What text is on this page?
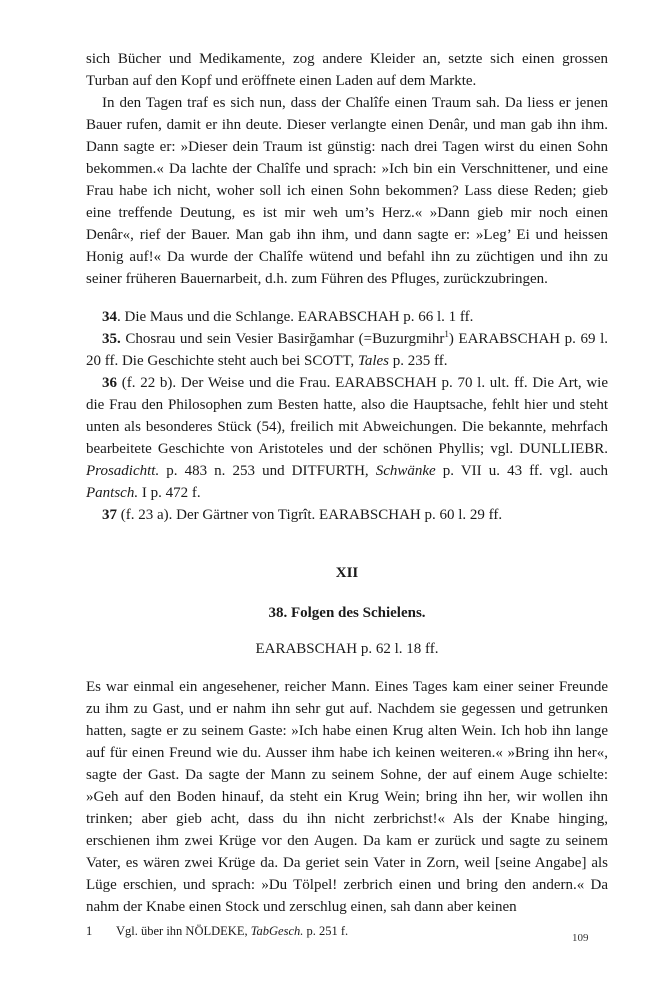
sich Bücher und Medikamente, zog andere Kleider an, setzte sich einen grossen Turban auf den Kopf und eröffnete einen Laden auf dem Markte.

In den Tagen traf es sich nun, dass der Chalîfe einen Traum sah. Da liess er jenen Bauer rufen, damit er ihn deute. Dieser verlangte einen Denâr, und man gab ihn ihm. Dann sagte er: »Dieser dein Traum ist günstig: nach drei Tagen wirst du einen Sohn bekommen.« Da lachte der Chalîfe und sprach: »Ich bin ein Verschnittener, und eine Frau habe ich nicht, woher soll ich einen Sohn bekommen? Lass diese Reden; gieb eine treffende Deutung, es ist mir weh um’s Herz.« »Dann gieb mir noch einen Denâr«, rief der Bauer. Man gab ihn ihm, und dann sagte er: »Leg’ Ei und heissen Honig auf!« Da wurde der Chalîfe wütend und befahl ihn zu züchtigen und ihn zu seiner früheren Bauernarbeit, d.h. zum Führen des Pfluges, zurückzubringen.

34. Die Maus und die Schlange. EARABSCHAH p. 66 l. 1 ff.

35. Chosrau und sein Vesier Basirğamhar (=Buzurgmihr$^1$) EARABSCHAH p. 69 l. 20 ff. Die Geschichte steht auch bei SCOTT, Tales p. 235 ff.

36 (f. 22 b). Der Weise und die Frau. EARABSCHAH p. 70 l. ult. ff. Die Art, wie die Frau den Philosophen zum Besten hatte, also die Hauptsache, fehlt hier und steht unten als besonderes Stück (54), freilich mit Abweichungen. Die bekannte, mehrfach bearbeitete Geschichte von Aristoteles und der schönen Phyllis; vgl. DUNLLIEBR. Prosadichtt. p. 483 n. 253 und DITFURTH, Schwänke p. VII u. 43 ff. vgl. auch Pantsch. I p. 472 f.

37 (f. 23 a). Der Gärtner von Tigrît. EARABSCHAH p. 60 l. 29 ff.

XII

38. Folgen des Schielens.

EARABSCHAH p. 62 l. 18 ff.

Es war einmal ein angesehener, reicher Mann. Eines Tages kam einer seiner Freunde zu ihm zu Gast, und er nahm ihn sehr gut auf. Nachdem sie gegessen und getrunken hatten, sagte er zu seinem Gaste: »Ich habe einen Krug alten Wein. Ich hob ihn lange auf für einen Freund wie du. Ausser ihm habe ich keinen weiteren.« »Bring ihn her«, sagte der Gast. Da sagte der Mann zu seinem Sohne, der auf einem Auge schielte: »Geh auf den Boden hinauf, da steht ein Krug Wein; bring ihn her, wir wollen ihn trinken; aber gieb acht, dass du ihn nicht zerbrichst!« Als der Knabe hinging, erschienen ihm zwei Krüge vor den Augen. Da kam er zurück und sagte zu seinem Vater, es wären zwei Krüge da. Da geriet sein Vater in Zorn, weil [seine Angabe] als Lüge erschien, und sprach: »Du Tölpel! zerbrich einen und bring den andern.« Da nahm der Knabe einen Stock und zerschlug einen, sah dann aber keinen

1 Vgl. über ihn NÖLDEKE, TabGesch. p. 251 f.	109
